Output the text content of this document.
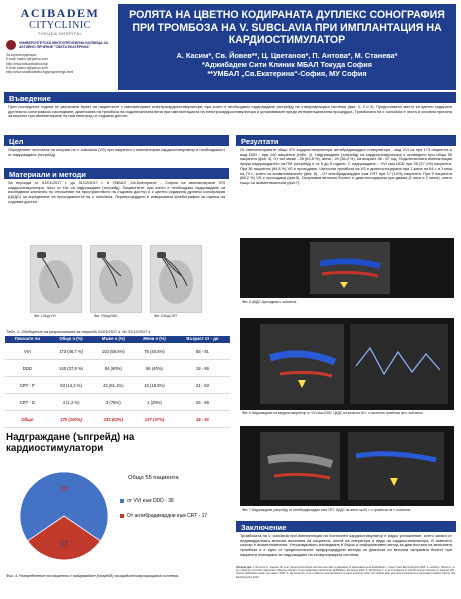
ACIBADEM
CITYCLINIC
TOKUDA HOSPITAL
УНИВЕРСИТЕТСКА МНОГОПРОФИЛНА БОЛНИЦА ЗА АКТИВНО ЛЕЧЕНИЕ "СВЕТА ЕКАТЕРИНА"
За кореспонденция:
E-mail: kasim.a@yahoo.com
http://www.tokudabolnica.bg/
E-mail: kasim.a@yahoo.com
http://www.uhatekaterina.bg/programings.html
РОЛЯТА НА ЦВЕТНО КОДИРАНАТА ДУПЛЕКС СОНОГРАФИЯ ПРИ ТРОМБОЗА НА V. SUBCLAVIA ПРИ ИМПЛАНТАЦИЯ НА КАРДИОСТИМУЛАТОР
А. Касим*, Св. Йовев**, Ц. Цветанов*, П. Антова*, М. Станева*
*Аджибадем Сити Клиник МБАЛ Токуда София
**УМБАЛ „Св.Екатерина“-София, МУ София
Въведение
През последните години се увеличиха броят на пациентите с имплантирани електрокардиостимулатори, при които е необходимо надграждане (ъпгрейд) на стимулиращата система (фиг. 1, 2 и 3). Предоставено място за цветно кодирано дуплексно сонографско изследване, диагнозата на тромбоза на подключичната вена при имплантацията на електрокардиостимулатора и установяване преди интервенционална процедура. Тромбозата на v. subclavia е честа и основна причина за неуспех при имплантиране на нов електрод от съдовия достъп.
Цел
Определяне честотата на оклузия на v. subclavia (VS) при пациенти с имплантиран кардиостимулатор и необходимост от надграждане (ъпгрейд).
Материали и методи
За периода от 01/01/2017 г. до 31/12/2017 г. в УМБАЛ „Св.Екатерина“ - София са имплантирани 370 кардиостимулатора. Част от тях са надграждане (ъпгрейд). Пациентите, при които е необходимо надграждане са изследвани клинично по отношение на пространството на съдовия достъп и с цветно кодирана дуплекс сонография (ЦКДС) за определяне на проходимостта на v. subclavia. Перипроцедурно е извършвана флебография за оценка на съдовия достъп.
Фиг. 1 Мод VVI	Фиг. 2 Мод DDD	Фиг. 3 Мод CRT
Табл. 1. Обобщение на резултатите за периода 01/01/2017 г. до 31/12/2017 г.
Показате ли	Общо n (%)	Мъже n (%)	Жени n (%)	Възраст от - до
VVI	173 (46,7 %)	103 (59,5%)	76 (40,5%)	55 - 91
DDD	140 (37,8 %)	84 (60%)	56 (40%)	18 - 86
CRT - P	53 (14,3 %)	43 (81,1%)	10 (18,9%)	21 - 83
CRT - D	4 (1,2 %)	3 (75%)	1 (25%)	25 - 56
Общо	370 (100%)	233 (63%)	137 (37%)	18 - 91
Надграждане (ъпгрейд) на кардиостимулатори
Общо 55 пациента
17
38
от VVI към DDD - 38
От антибрадикардни към CRT - 17
Фиг. 4. Разпределение на пациенти с надграждане (ъпгрейд) на кардиостимулиращата система.
Резултати
От имплантираните общо 370 кардиостимулатора антибрадикардни стимулатори - мод VVI са при 173 пациента и мод DDD - при 140 пациента (табл. 1). Надграждане (ъпгрейд) на кардиостимулатора е проведено при общо 55 пациента (фиг. 4). От тях мъже - 35 (63.6 %), жени - 20 (36.4 %), на възраст 38 - 87 год. Подключичната имплантация преди надграждането на ПМ (ъпгрейд) е от 5 до 9 години. С надграждане: - VVI към DDD при 38 (27,1%) пациента. При 36 пациента (94.8 %) VS е проходима. Частична тромбоза на VS е диагностицирана при 1 жена на 64 г. и 1 мъж на 74 г., които са асимптоматични (фиг. 6). - От антибрадикарден към CRT при 17 (12%) пациента. При 9 пациента (88.2 %) VS е проходима (фиг.5). Оклузивна венозна болест е диагностицирана при двама (1 мъж и 1 жена), които също са асимптоматични (фиг.7).
Фиг. 5 ЦКДС-проходима v. subclavia
Фиг. 6 Надграждане на кардиостимулатор от VVI към DDD. ЦКДС на жена на 64 г. с частична тромбоза на v. subclavia
Фиг. 7 Надграждане (ъпгрейд) от антибрадикарден към CRT. ЦКДС на жена на 64 г. с тромбоза на v. subclavia
Заключение
Тромбозата на v. subclavia при имплантация на постоянен кардиостимулатор е рядко усложнение, което засяга от индивидуалната венозна анатомия на пациента, опита на оператора и вида на кардиостимулатора. В повечето случаи е асимптоматична. Ултразвуковото изследване е бързо и информативен метод за диагностика на венозната тромбоза и е едно от предпочитаните предпроцедурни методи за диагноза на венозна оклузивна болест при пациенти планирани за надграждане на стимулиращата система.
Литература: 1. Rozmus G., Daubert JP, et al. Venous thrombosis and stenosis after implantation of pacemakers and defibrillators. J Interv Card Electrophysiol 2005. 2. Lickfett L, Bitzen A, et al. Incidence of venous obstruction following insertion of an implantable cardioverter defibrillator. Europace 2004. 3. Sticherling C, et al. Prevalence of central venous occlusion in patients with chronic defibrillator leads. Am Heart J 2001. 4. Da Costa SS, et al. Incidence and risk factors of upper extremity deep vein lesions after permanent transvenous pacemaker implant. Pacing Clin Electrophysiol 2002.
